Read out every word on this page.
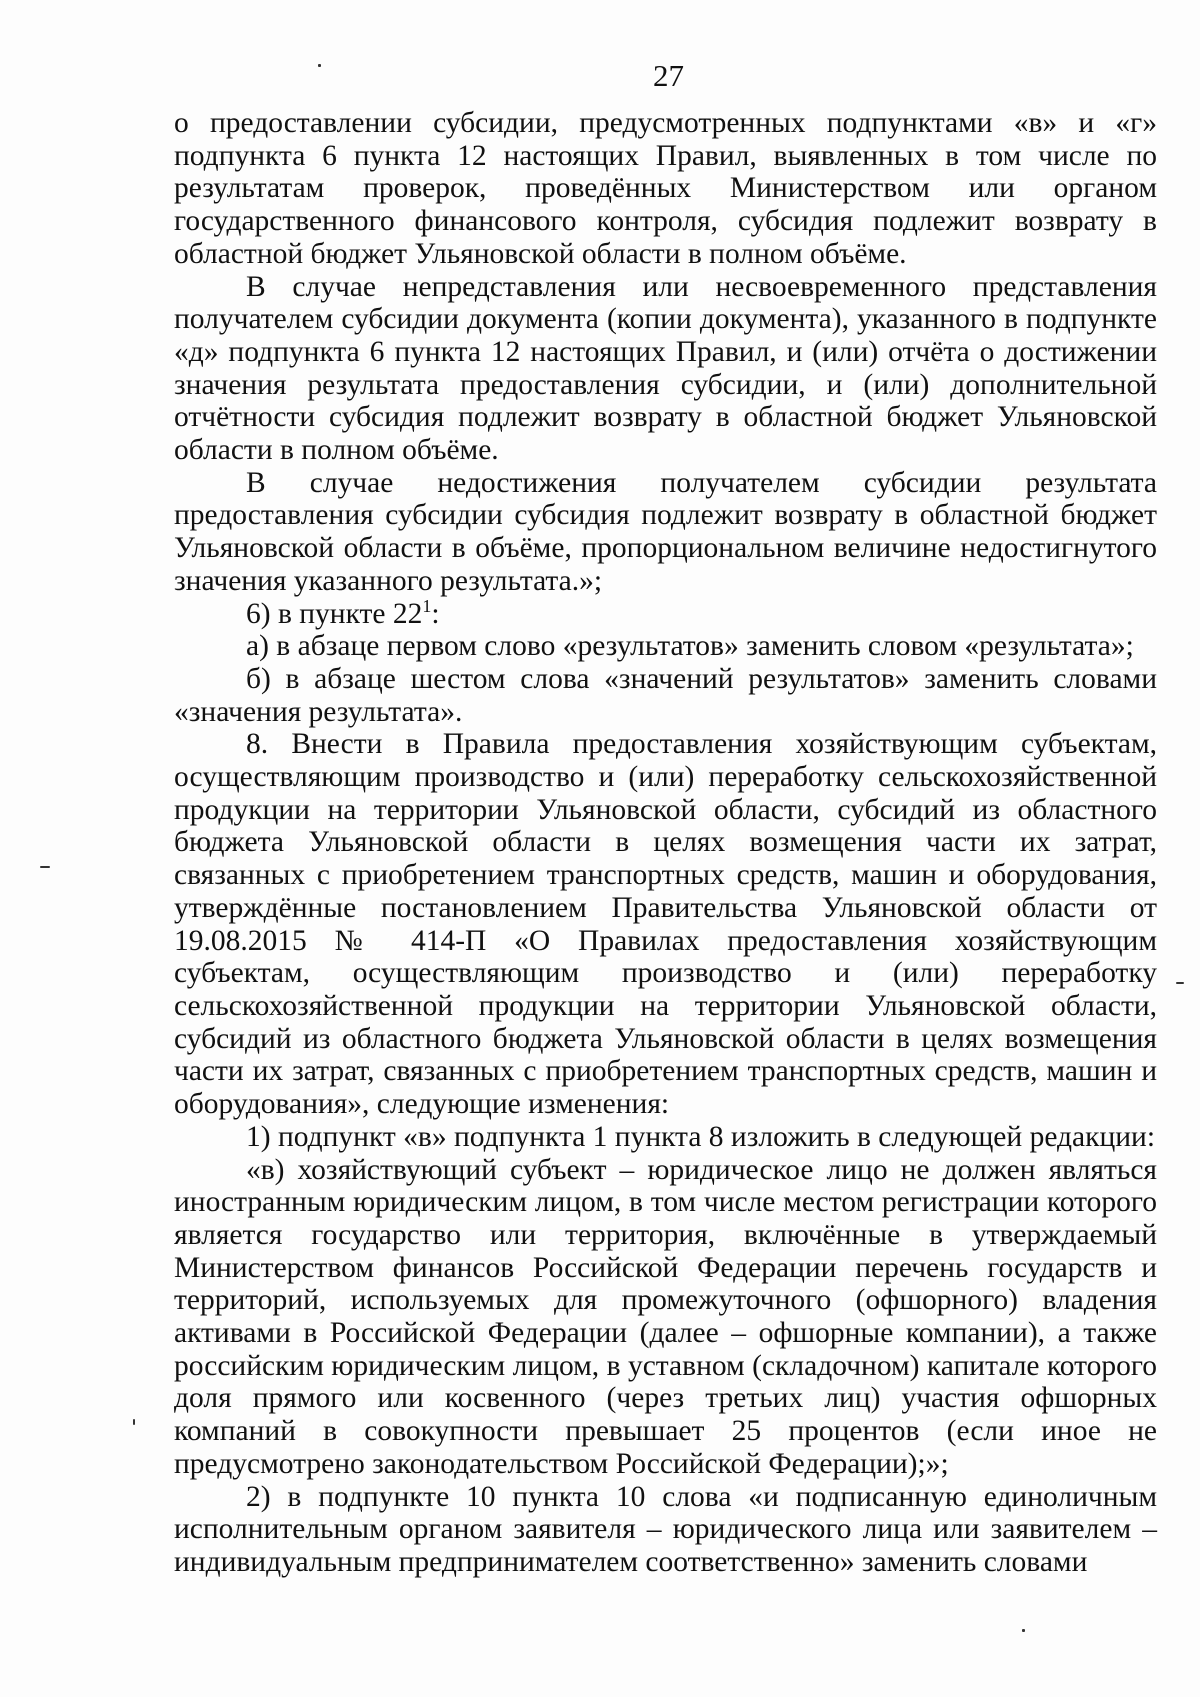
27

о предоставлении субсидии, предусмотренных подпунктами «в» и «г» подпункта 6 пункта 12 настоящих Правил, выявленных в том числе по результатам проверок, проведённых Министерством или органом государственного финансового контроля, субсидия подлежит возврату в областной бюджет Ульяновской области в полном объёме.

В случае непредставления или несвоевременного представления получателем субсидии документа (копии документа), указанного в подпункте «д» подпункта 6 пункта 12 настоящих Правил, и (или) отчёта о достижении значения результата предоставления субсидии, и (или) дополнительной отчётности субсидия подлежит возврату в областной бюджет Ульяновской области в полном объёме.

В случае недостижения получателем субсидии результата предоставления субсидии субсидия подлежит возврату в областной бюджет Ульяновской области в объёме, пропорциональном величине недостигнутого значения указанного результата.»;

6) в пункте $22^1$:

а) в абзаце первом слово «результатов» заменить словом «результата»;

б) в абзаце шестом слова «значений результатов» заменить словами «значения результата».

8. Внести в Правила предоставления хозяйствующим субъектам, осуществляющим производство и (или) переработку сельскохозяйственной продукции на территории Ульяновской области, субсидий из областного бюджета Ульяновской области в целях возмещения части их затрат, связанных с приобретением транспортных средств, машин и оборудования, утверждённые постановлением Правительства Ульяновской области от 19.08.2015 № 414-П «О Правилах предоставления хозяйствующим субъектам, осуществляющим производство и (или) переработку сельскохозяйственной продукции на территории Ульяновской области, субсидий из областного бюджета Ульяновской области в целях возмещения части их затрат, связанных с приобретением транспортных средств, машин и оборудования», следующие изменения:

1) подпункт «в» подпункта 1 пункта 8 изложить в следующей редакции:

«в) хозяйствующий субъект – юридическое лицо не должен являться иностранным юридическим лицом, в том числе местом регистрации которого является государство или территория, включённые в утверждаемый Министерством финансов Российской Федерации перечень государств и территорий, используемых для промежуточного (офшорного) владения активами в Российской Федерации (далее – офшорные компании), а также российским юридическим лицом, в уставном (складочном) капитале которого доля прямого или косвенного (через третьих лиц) участия офшорных компаний в совокупности превышает 25 процентов (если иное не предусмотрено законодательством Российской Федерации);»;

2) в подпункте 10 пункта 10 слова «и подписанную единоличным исполнительным органом заявителя – юридического лица или заявителем – индивидуальным предпринимателем соответственно» заменить словами
